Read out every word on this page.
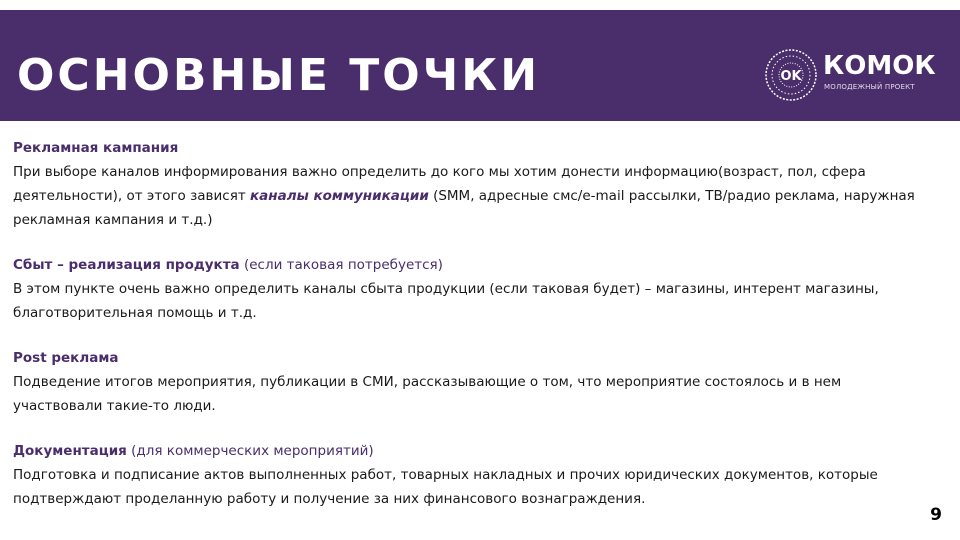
ОСНОВНЫЕ ТОЧКИ	OK КОМОК
МОЛОДЕЖНЫЙ ПРОЕКТ

Рекламная кампания

При выборе каналов информирования важно определить до кого мы хотим донести информацию(возраст, пол, сфера деятельности), от этого зависят каналы коммуникации (SMM, адресные смс/e-mail рассылки, ТВ/радио реклама, наружная рекламная кампания и т.д.)

Сбыт – реализация продукта (если таковая потребуется)

В этом пункте очень важно определить каналы сбыта продукции (если таковая будет) – магазины, интерент магазины, благотворительная помощь и т.д.

Post реклама

Подведение итогов мероприятия, публикации в СМИ, рассказывающие о том, что мероприятие состоялось и в нем участвовали такие-то люди.

Документация (для коммерческих мероприятий)

Подготовка и подписание актов выполненных работ, товарных накладных и прочих юридических документов, которые подтверждают проделанную работу и получение за них финансового вознаграждения.

9
